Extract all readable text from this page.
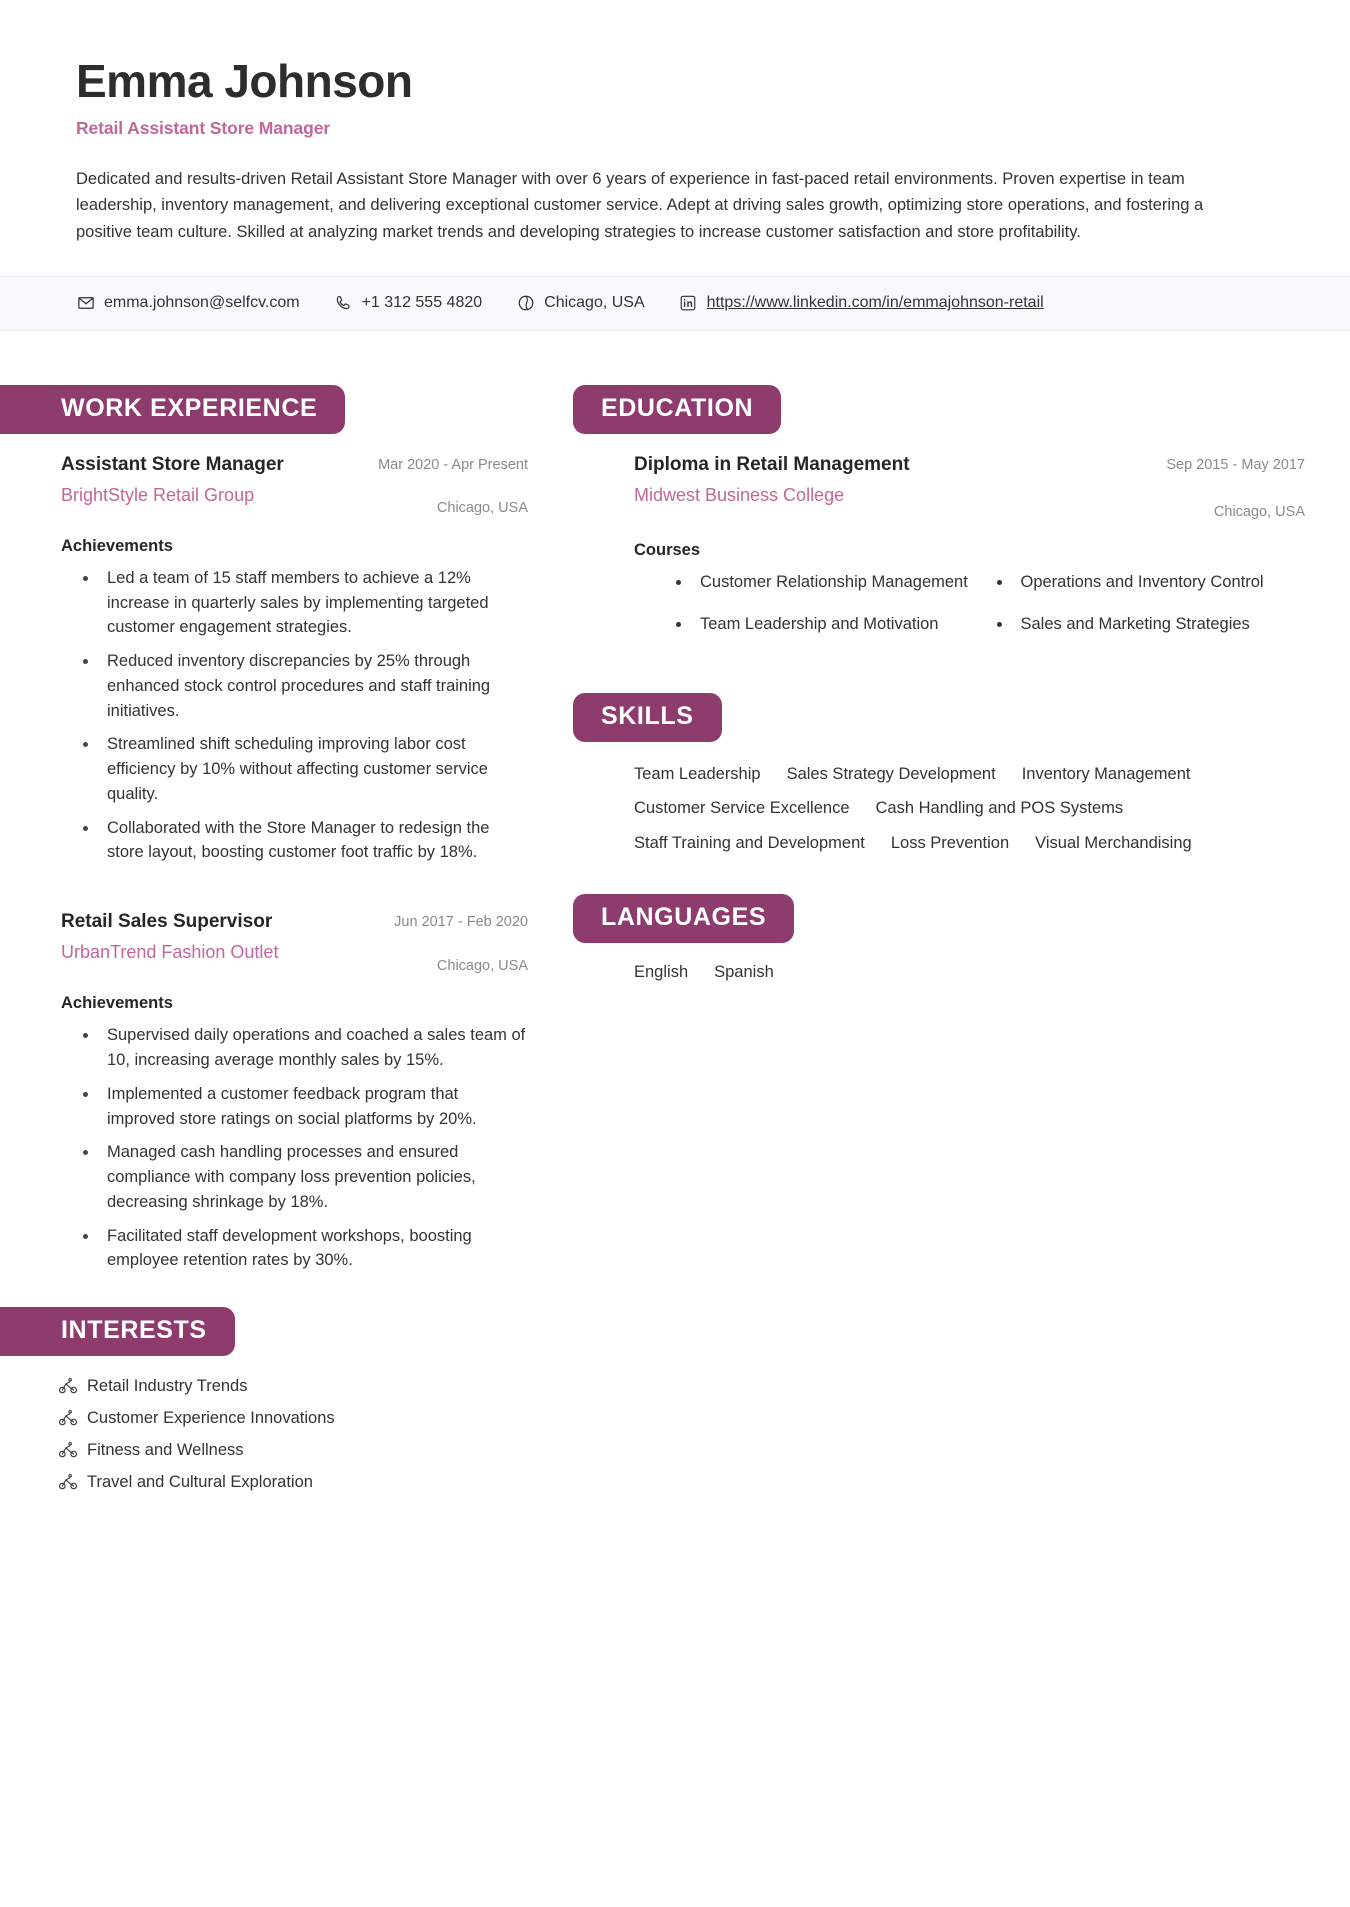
Emma Johnson
Retail Assistant Store Manager

Dedicated and results-driven Retail Assistant Store Manager with over 6 years of experience in fast-paced retail environments. Proven expertise in team leadership, inventory management, and delivering exceptional customer service. Adept at driving sales growth, optimizing store operations, and fostering a positive team culture. Skilled at analyzing market trends and developing strategies to increase customer satisfaction and store profitability.

emma.johnson@selfcv.com	+1 312 555 4820	Chicago, USA	https://www.linkedin.com/in/emmajohnson-retail
WORK EXPERIENCE
Assistant Store Manager
BrightStyle Retail Group
Mar 2020 - Apr Present
Chicago, USA
Achievements
• Led a team of 15 staff members to achieve a 12% increase in quarterly sales by implementing targeted customer engagement strategies.
• Reduced inventory discrepancies by 25% through enhanced stock control procedures and staff training initiatives.
• Streamlined shift scheduling improving labor cost efficiency by 10% without affecting customer service quality.
• Collaborated with the Store Manager to redesign the store layout, boosting customer foot traffic by 18%.
Retail Sales Supervisor
UrbanTrend Fashion Outlet
Jun 2017 - Feb 2020
Chicago, USA
Achievements
• Supervised daily operations and coached a sales team of 10, increasing average monthly sales by 15%.
• Implemented a customer feedback program that improved store ratings on social platforms by 20%.
• Managed cash handling processes and ensured compliance with company loss prevention policies, decreasing shrinkage by 18%.
• Facilitated staff development workshops, boosting employee retention rates by 30%.
INTERESTS
Retail Industry Trends
Customer Experience Innovations
Fitness and Wellness
Travel and Cultural Exploration
EDUCATION
Diploma in Retail Management
Midwest Business College
Sep 2015 - May 2017
Chicago, USA
Courses
• Customer Relationship Management
• Team Leadership and Motivation
• Operations and Inventory Control
• Sales and Marketing Strategies
SKILLS
Team Leadership Sales Strategy Development Inventory Management
Customer Service Excellence Cash Handling and POS Systems
Staff Training and Development Loss Prevention Visual Merchandising
LANGUAGES
English Spanish
